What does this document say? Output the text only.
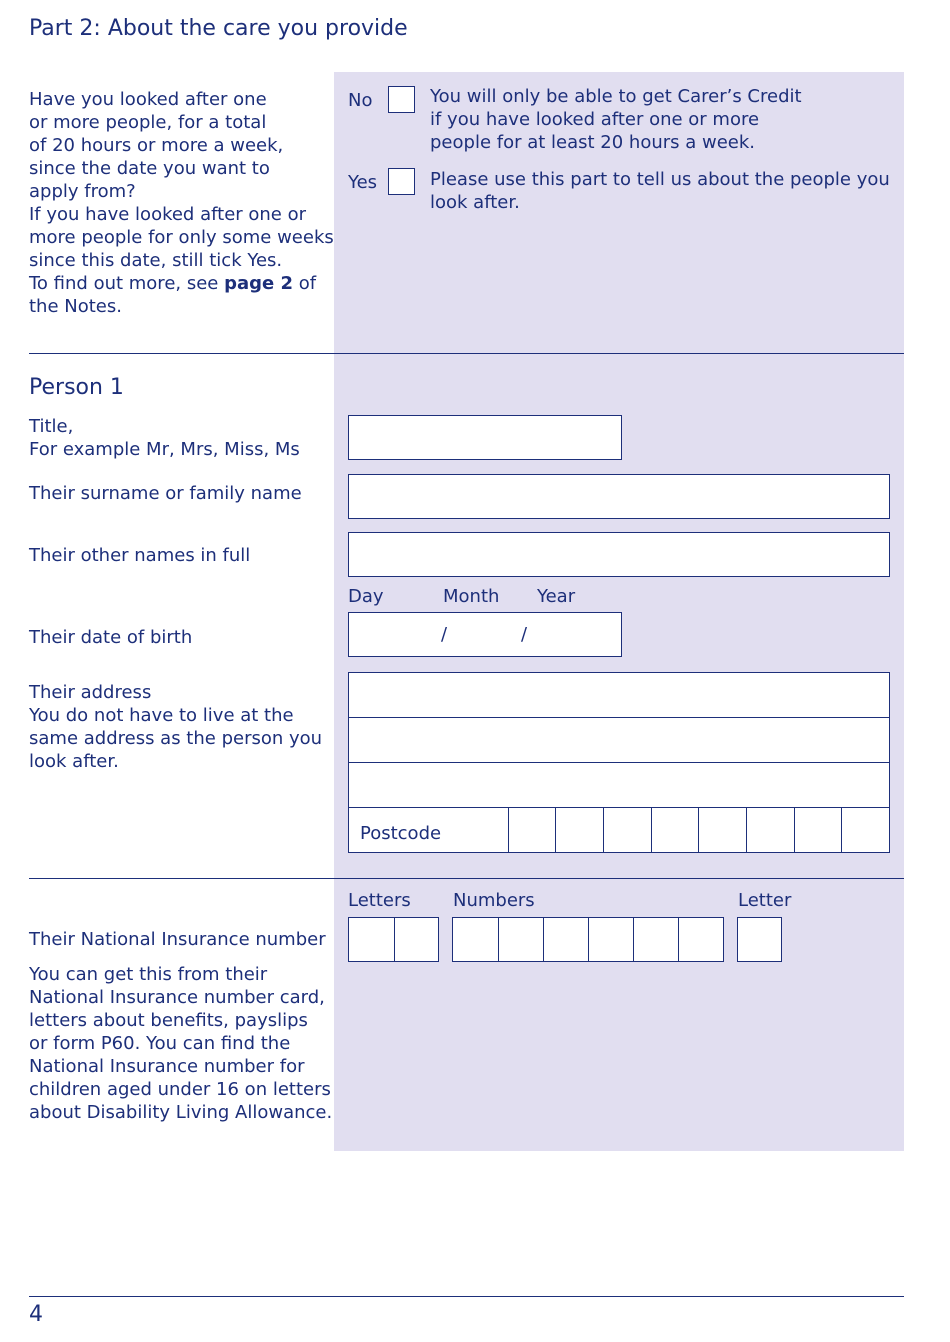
Part 2: About the care you provide
Have you looked after one
or more people, for a total
of 20 hours or more a week,
since the date you want to
apply from?
If you have looked after one or
more people for only some weeks
since this date, still tick Yes.
To find out more, see page 2 of
the Notes.
No	You will only be able to get Carer’s Credit
if you have looked after one or more
people for at least 20 hours a week.
Yes	Please use this part to tell us about the people you
look after.
Person 1
Title,
For example Mr, Mrs, Miss, Ms
Their surname or family name
Their other names in full
Day	Month Year
Their date of birth	/	/
Their address
You do not have to live at the
same address as the person you
look after.
Postcode
Letters Numbers	Letter
Their National Insurance number
You can get this from their
National Insurance number card,
letters about benefits, payslips
or form P60. You can find the
National Insurance number for
children aged under 16 on letters
about Disability Living Allowance.
4
